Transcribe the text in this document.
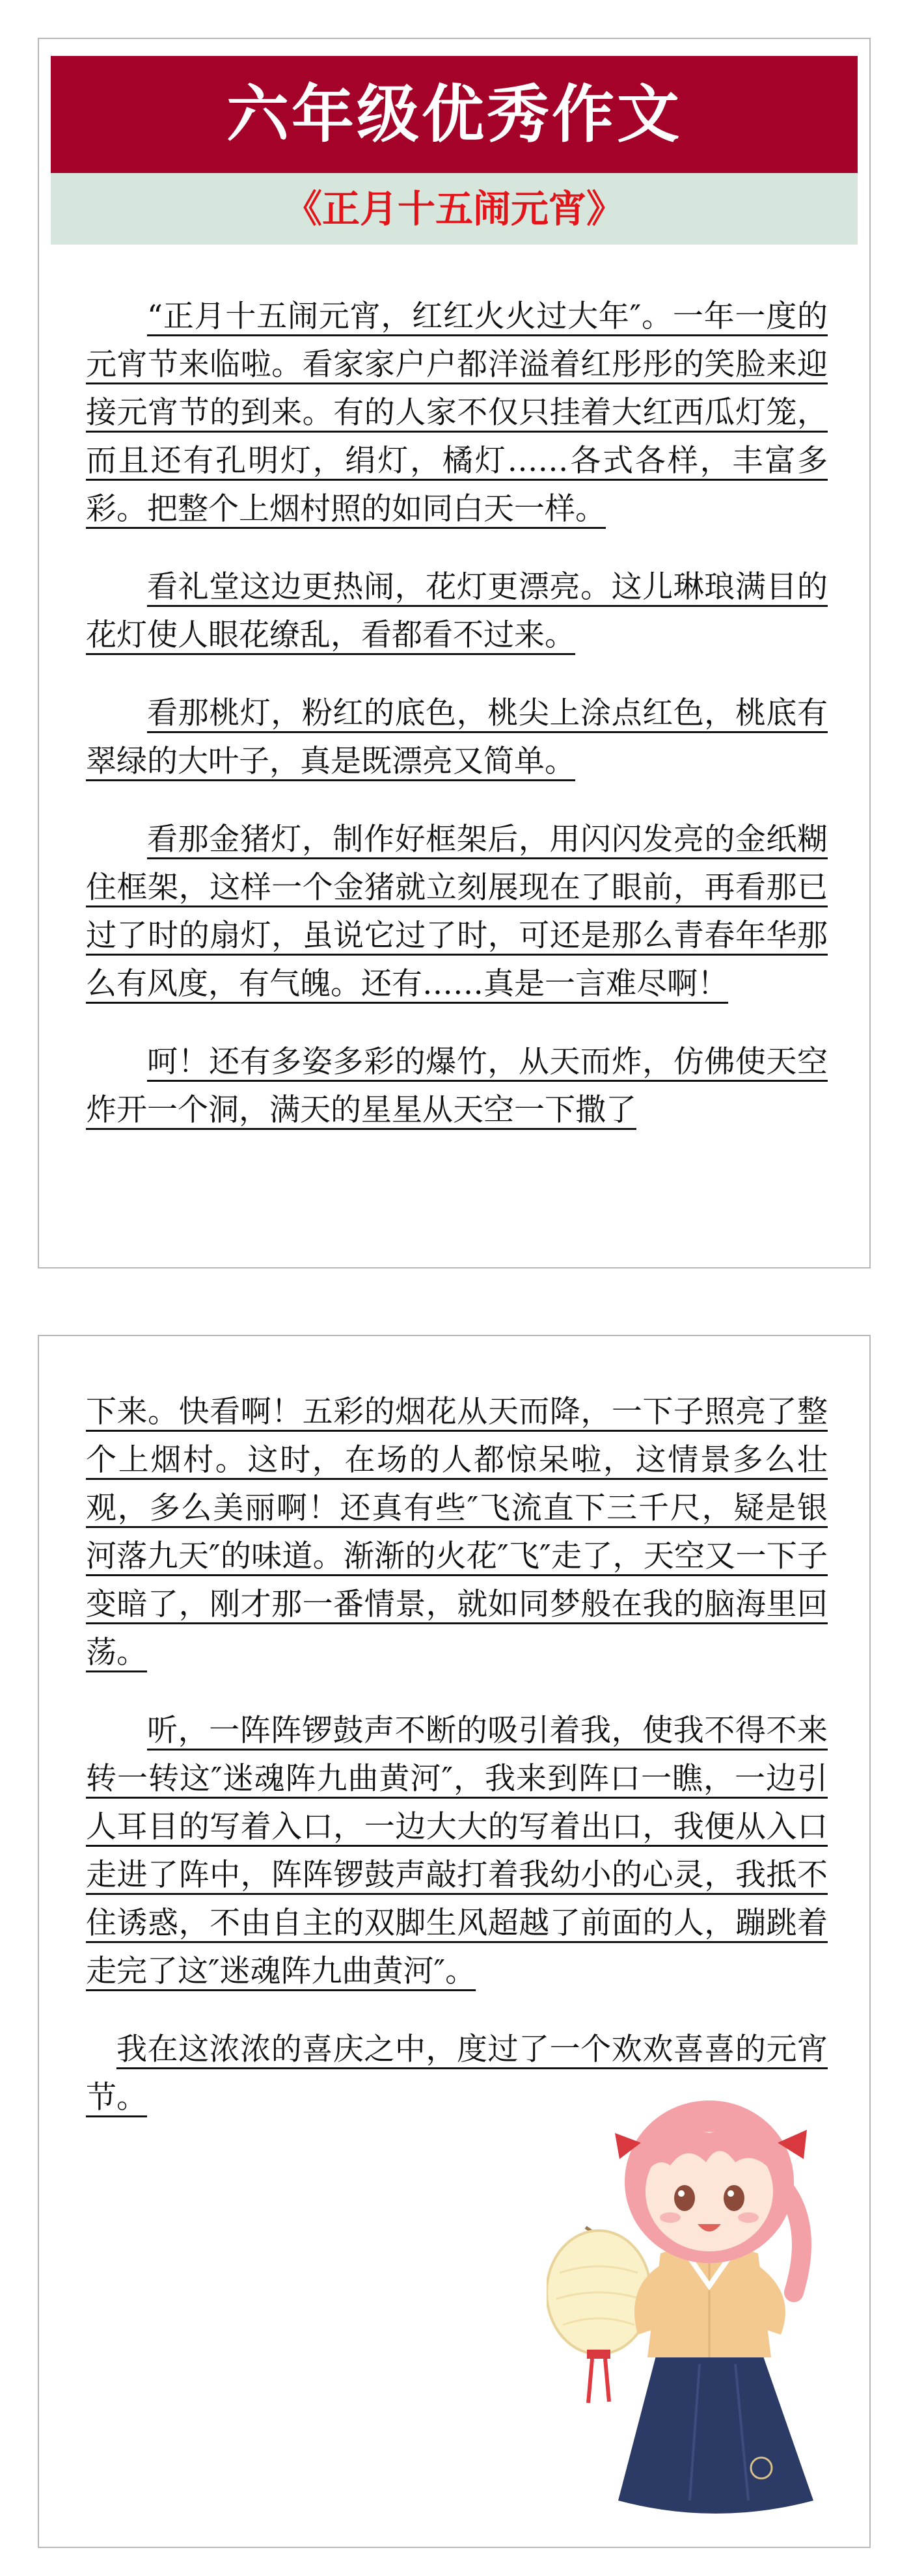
六年级优秀作文
《正月十五闹元宵》

“正月十五闹元宵，红红火火过大年″。一年一度的元宵节来临啦。看家家户户都洋溢着红彤彤的笑脸来迎接元宵节的到来。有的人家不仅只挂着大红西瓜灯笼，而且还有孔明灯，绢灯，橘灯……各式各样，丰富多彩。把整个上烟村照的如同白天一样。

看礼堂这边更热闹，花灯更漂亮。这儿琳琅满目的花灯使人眼花缭乱，看都看不过来。

看那桃灯，粉红的底色，桃尖上涂点红色，桃底有翠绿的大叶子，真是既漂亮又简单。

看那金猪灯，制作好框架后，用闪闪发亮的金纸糊住框架，这样一个金猪就立刻展现在了眼前，再看那已过了时的扇灯，虽说它过了时，可还是那么青春年华那么有风度，有气魄。还有……真是一言难尽啊！

呵！还有多姿多彩的爆竹，从天而炸，仿佛使天空炸开一个洞，满天的星星从天空一下撒了

下来。快看啊！五彩的烟花从天而降，一下子照亮了整个上烟村。这时，在场的人都惊呆啦，这情景多么壮观，多么美丽啊！还真有些″飞流直下三千尺，疑是银河落九天″的味道。渐渐的火花″飞″走了，天空又一下子变暗了，刚才那一番情景，就如同梦般在我的脑海里回荡。

听，一阵阵锣鼓声不断的吸引着我，使我不得不来转一转这″迷魂阵九曲黄河″，我来到阵口一瞧，一边引人耳目的写着入口，一边大大的写着出口，我便从入口走进了阵中，阵阵锣鼓声敲打着我幼小的心灵，我抵不住诱惑，不由自主的双脚生风超越了前面的人，蹦跳着走完了这″迷魂阵九曲黄河″。

我在这浓浓的喜庆之中，度过了一个欢欢喜喜的元宵节。
